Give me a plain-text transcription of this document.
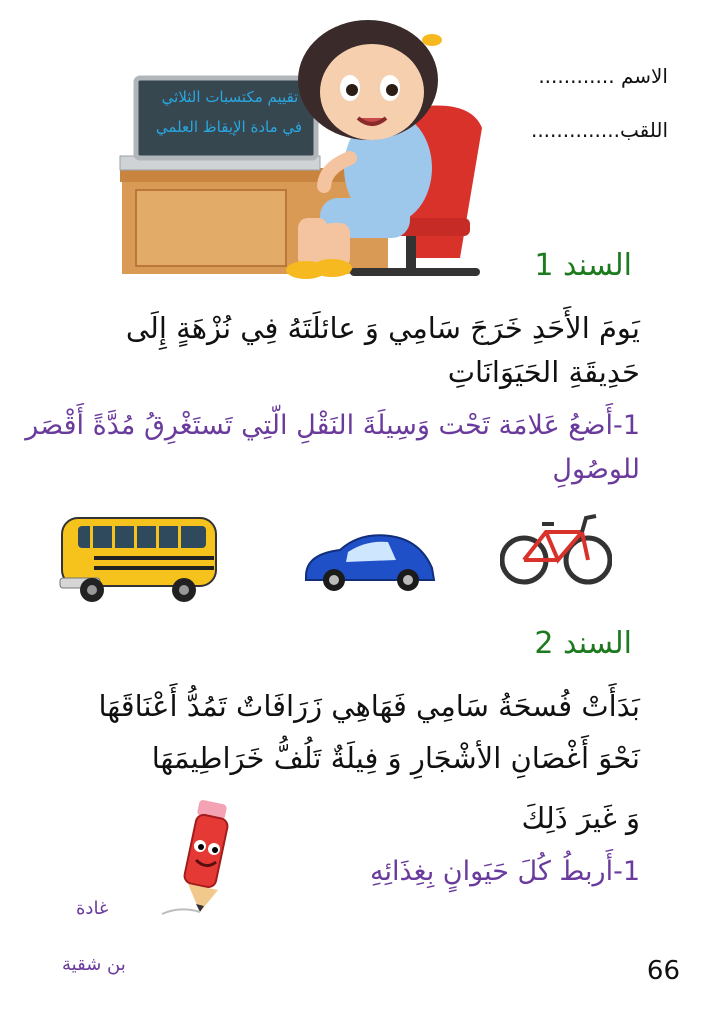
الاسم ............
اللقب..............
تقييم مكتسبات الثلاثي
في مادة الإيقاظ العلمي
السند 1
يَومَ الأَحَدِ خَرَجَ سَامِي وَ عائلَتَهُ فِي نُزْهَةٍ إِلَى
حَدِيقَةِ الحَيَوَانَاتِ
1-أَضعُ عَلامَة تَحْت وَسِيلَةَ النَقْلِ الّتِي تَستَغْرِقُ مُدَّةً أَقْصَر
للوصُولِ
السند 2
بَدَأَتْ فُسحَةُ سَامِي فَهَاهِي زَرَافَاتٌ تَمُدُّ أَعْنَاقَهَا
نَحْوَ أَغْصَانِ الأشْجَارِ وَ فِيلَةٌ تَلُفُّ خَرَاطِيمَهَا
وَ غَيرَ ذَلِكَ
1-أَربطُ كُلَ حَيَوانٍ بِغِذَائِهِ
غادة
بن شقية	66
